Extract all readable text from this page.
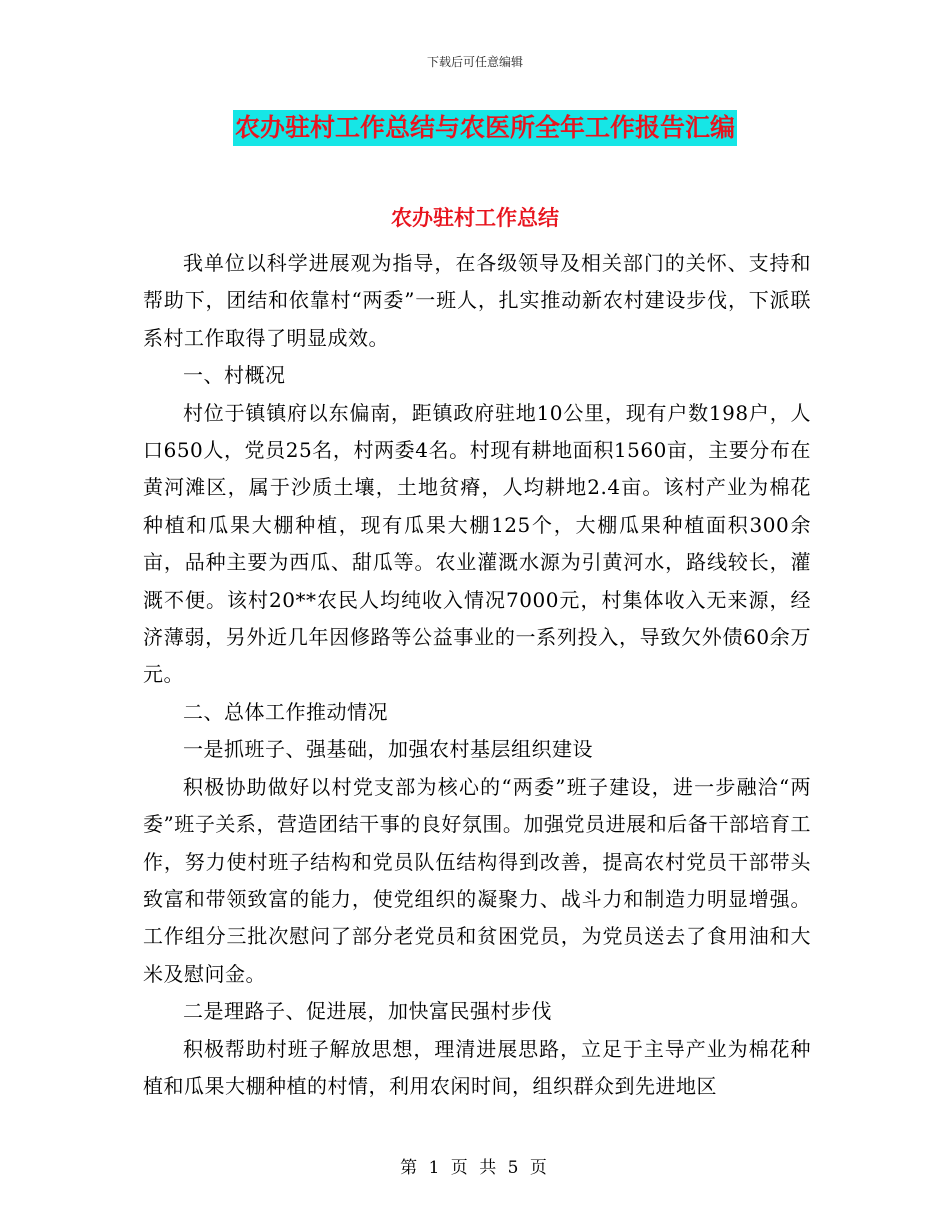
下载后可任意编辑
农办驻村工作总结与农医所全年工作报告汇编
农办驻村工作总结

我单位以科学进展观为指导，在各级领导及相关部门的关怀、支持和帮助下，团结和依靠村“两委”一班人，扎实推动新农村建设步伐，下派联系村工作取得了明显成效。

一、村概况

村位于镇镇府以东偏南，距镇政府驻地10公里，现有户数198户，人口650人，党员25名，村两委4名。村现有耕地面积1560亩，主要分布在黄河滩区，属于沙质土壤，土地贫瘠，人均耕地2.4亩。该村产业为棉花种植和瓜果大棚种植，现有瓜果大棚125个，大棚瓜果种植面积300余亩，品种主要为西瓜、甜瓜等。农业灌溉水源为引黄河水，路线较长，灌溉不便。该村20**农民人均纯收入情况7000元，村集体收入无来源，经济薄弱，另外近几年因修路等公益事业的一系列投入，导致欠外债60余万元。

二、总体工作推动情况

一是抓班子、强基础，加强农村基层组织建设

积极协助做好以村党支部为核心的“两委”班子建设，进一步融洽“两委”班子关系，营造团结干事的良好氛围。加强党员进展和后备干部培育工作，努力使村班子结构和党员队伍结构得到改善，提高农村党员干部带头致富和带领致富的能力，使党组织的凝聚力、战斗力和制造力明显增强。工作组分三批次慰问了部分老党员和贫困党员，为党员送去了食用油和大米及慰问金。

二是理路子、促进展，加快富民强村步伐

积极帮助村班子解放思想，理清进展思路，立足于主导产业为棉花种植和瓜果大棚种植的村情，利用农闲时间，组织群众到先进地区

第 1 页 共 5 页
